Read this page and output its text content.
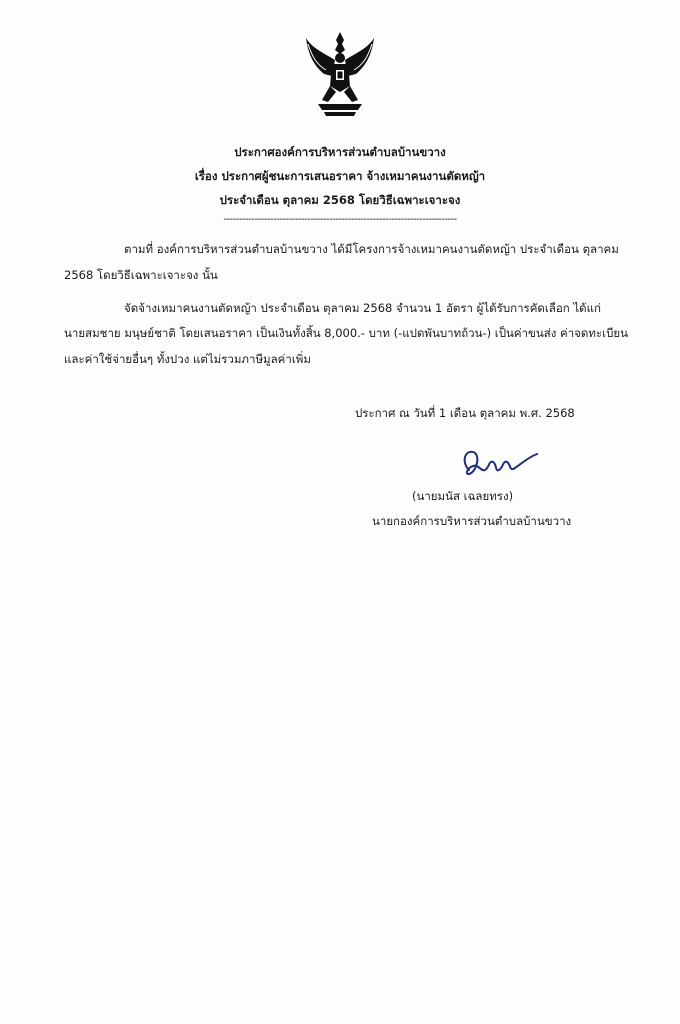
ประกาศองค์การบริหารส่วนตำบลบ้านขวาง
เรื่อง ประกาศผู้ชนะการเสนอราคา จ้างเหมาคนงานตัดหญ้า
ประจำเดือน ตุลาคม 2568 โดยวิธีเฉพาะเจาะจง
---------------------------------------------------------------------------
ตามที่ องค์การบริหารส่วนตำบลบ้านขวาง ได้มีโครงการจ้างเหมาคนงานตัดหญ้า ประจำเดือน ตุลาคม
2568 โดยวิธีเฉพาะเจาะจง นั้น
จัดจ้างเหมาคนงานตัดหญ้า ประจำเดือน ตุลาคม 2568 จำนวน 1 อัตรา ผู้ได้รับการคัดเลือก ได้แก่
นายสมชาย มนุษย์ชาติ โดยเสนอราคา เป็นเงินทั้งสิ้น 8,000.- บาท (-แปดพันบาทถ้วน-) เป็นค่าขนส่ง ค่าจดทะเบียน
และค่าใช้จ่ายอื่นๆ ทั้งปวง แต่ไม่รวมภาษีมูลค่าเพิ่ม
ประกาศ ณ วันที่ 1 เดือน ตุลาคม พ.ศ. 2568
(นายมนัส เฉลยทรง)
นายกองค์การบริหารส่วนตำบลบ้านขวาง
